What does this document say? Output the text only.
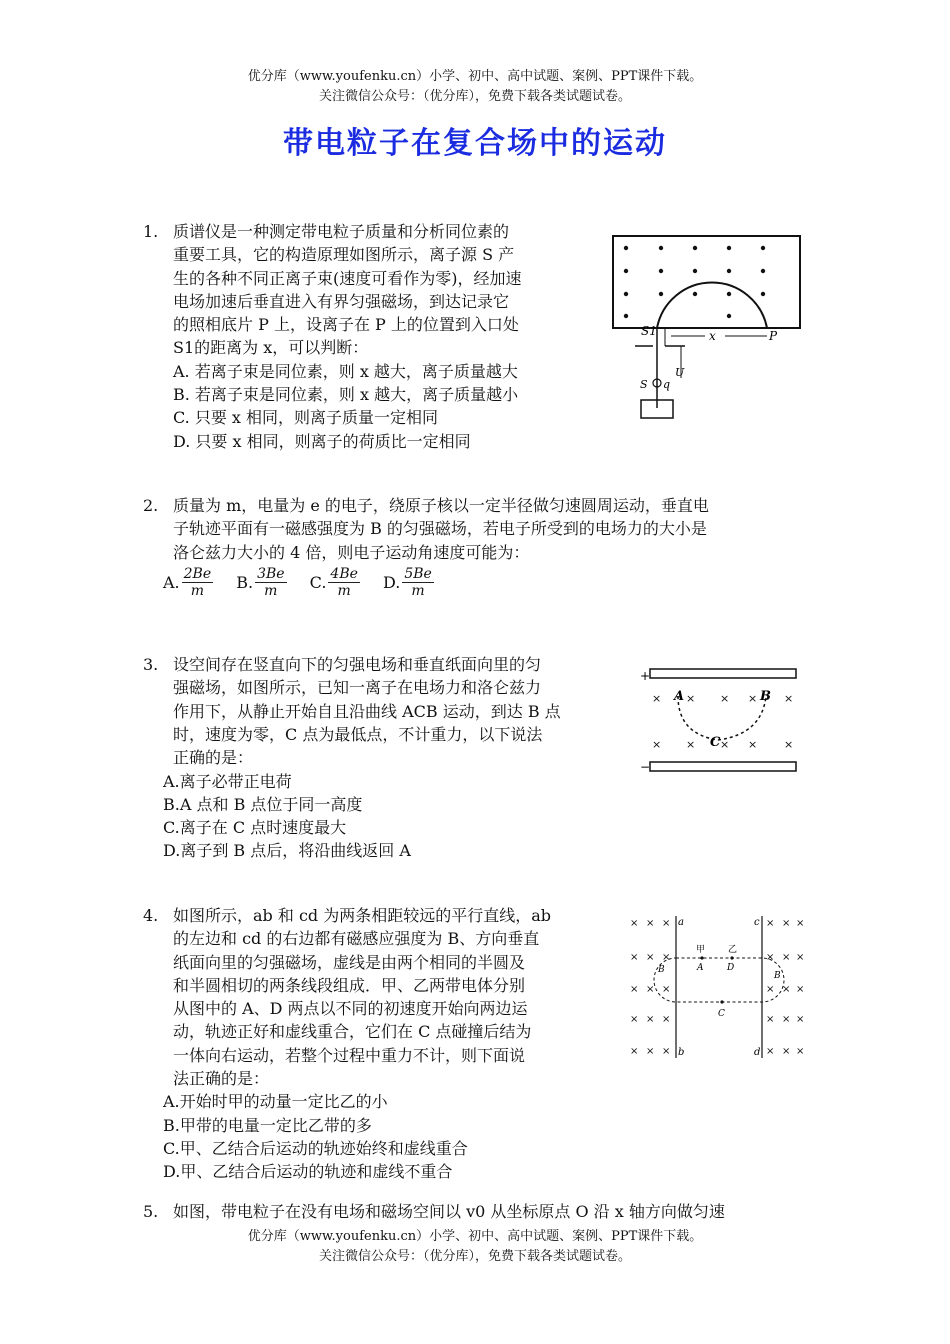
优分库（www.youfenku.cn）小学、初中、高中试题、案例、PPT课件下载。
关注微信公众号：（优分库），免费下载各类试题试卷。
带电粒子在复合场中的运动
1. 质谱仪是一种测定带电粒子质量和分析同位素的
重要工具，它的构造原理如图所示，离子源 S 产
生的各种不同正离子束(速度可看作为零)，经加速
电场加速后垂直进入有界匀强磁场，到达记录它
的照相底片 P 上，设离子在 P 上的位置到入口处
S1的距离为 x，可以判断：
A. 若离子束是同位素，则 x 越大，离子质量越大
B. 若离子束是同位素，则 x 越大，离子质量越小
C. 只要 x 相同，则离子质量一定相同
D. 只要 x 相同，则离子的荷质比一定相同
S1	x	P
U
S q
2. 质量为 m，电量为 e 的电子，绕原子核以一定半径做匀速圆周运动，垂直电
子轨迹平面有一磁感强度为 B 的匀强磁场，若电子所受到的电场力的大小是
洛仑兹力大小的 4 倍，则电子运动角速度可能为：
A. $\frac{2Be}{m} B$. $\frac{3Be}{m} C$. $\frac{4Be}{m} D$. $\frac{5Be}{m}$
3. 设空间存在竖直向下的匀强电场和垂直纸面向里的匀
强磁场，如图所示，已知一离子在电场力和洛仑兹力
作用下，从静止开始自且沿曲线 ACB 运动，到达 B 点
时，速度为零，C 点为最低点，不计重力，以下说法
正确的是：
A.离子必带正电荷
B.A 点和 B 点位于同一高度
C.离子在 C 点时速度最大
D.离子到 B 点后，将沿曲线返回 A
+
−
× × × × ×
× × × × ×
A	B
C
4. 如图所示，ab 和 cd 为两条相距较远的平行直线，ab
的左边和 cd 的右边都有磁感应强度为 B、方向垂直
纸面向里的匀强磁场，虚线是由两个相同的半圆及
和半圆相切的两条线段组成．甲、乙两带电体分别
从图中的 A、D 两点以不同的初速度开始向两边运
动，轨迹正好和虚线重合，它们在 C 点碰撞后结为
一体向右运动，若整个过程中重力不计，则下面说
法正确的是：
A.开始时甲的动量一定比乙的小
B.甲带的电量一定比乙带的多
C.甲、乙结合后运动的轨迹始终和虚线重合
D.甲、乙结合后运动的轨迹和虚线不重合
× × ×
× × ×
× × ×
× × ×
× × ×
× × ×
× × ×
× × ×
× × ×
× × ×
a
b
c
d
甲	乙
A	D
B
B
C
5. 如图，带电粒子在没有电场和磁场空间以 v0 从坐标原点 O 沿 x 轴方向做匀速
优分库（www.youfenku.cn）小学、初中、高中试题、案例、PPT课件下载。
关注微信公众号：（优分库），免费下载各类试题试卷。
